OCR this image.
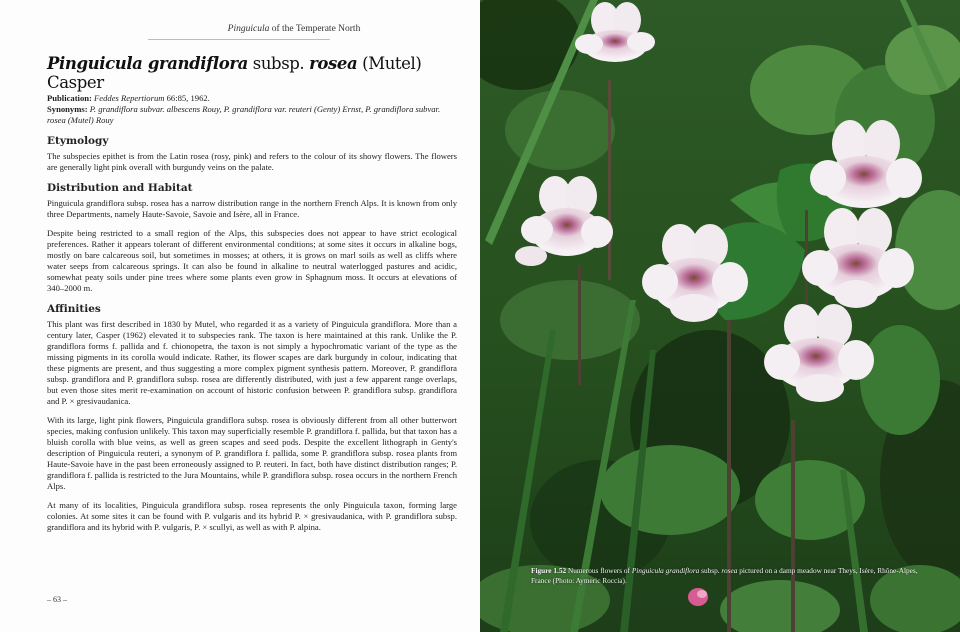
Pinguicula of the Temperate North
Pinguicula grandiflora subsp. rosea (Mutel) Casper

Publication: Feddes Repertiorum 66:85, 1962.

Synonyms: P. grandiflora subvar. albescens Rouy, P. grandiflora var. reuteri (Genty) Ernst, P. grandiflora subvar. rosea (Mutel) Rouy

Etymology

The subspecies epithet is from the Latin rosea (rosy, pink) and refers to the colour of its showy flowers. The flowers are generally light pink overall with burgundy veins on the palate.

Distribution and Habitat

Pinguicula grandiflora subsp. rosea has a narrow distribution range in the northern French Alps. It is known from only three Departments, namely Haute-Savoie, Savoie and Isère, all in France.

Despite being restricted to a small region of the Alps, this subspecies does not appear to have strict ecological preferences. Rather it appears tolerant of different environmental conditions; at some sites it occurs in alkaline bogs, mostly on bare calcareous soil, but sometimes in mosses; at others, it is grows on marl soils as well as cliffs where water seeps from calcareous springs. It can also be found in alkaline to neutral waterlogged pastures and acidic, somewhat peaty soils under pine trees where some plants even grow in Sphagnum moss. It occurs at elevations of 340–2000 m.

Affinities

This plant was first described in 1830 by Mutel, who regarded it as a variety of Pinguicula grandiflora. More than a century later, Casper (1962) elevated it to subspecies rank. The taxon is here maintained at this rank. Unlike the P. grandiflora forms f. pallida and f. chionopetra, the taxon is not simply a hypochromatic variant of the type as the missing pigments in its corolla would indicate. Rather, its flower scapes are dark burgundy in colour, indicating that these pigments are present, and thus suggesting a more complex pigment synthesis pattern. Moreover, P. grandiflora subsp. grandiflora and P. grandiflora subsp. rosea are differently distributed, with just a few apparent range overlaps, but even those sites merit re-examination on account of historic confusion between P. grandiflora subsp. grandiflora and P. × gresivaudanica.

With its large, light pink flowers, Pinguicula grandiflora subsp. rosea is obviously different from all other butterwort species, making confusion unlikely. This taxon may superficially resemble P. grandiflora f. pallida, but that taxon has a bluish corolla with blue veins, as well as green scapes and seed pods. Despite the excellent lithograph in Genty's description of Pinguicula reuteri, a synonym of P. grandiflora f. pallida, some P. grandiflora subsp. rosea plants from Haute-Savoie have in the past been erroneously assigned to P. reuteri. In fact, both have distinct distribution ranges; P. grandiflora f. pallida is restricted to the Jura Mountains, while P. grandiflora subsp. rosea occurs in the northern French Alps.

At many of its localities, Pinguicula grandiflora subsp. rosea represents the only Pinguicula taxon, forming large colonies. At some sites it can be found with P. vulgaris and its hybrid P. × gresivaudanica, with P. grandiflora subsp. grandiflora and its hybrid with P. vulgaris, P. × scullyi, as well as with P. alpina.

– 63 –
Figure 1.52 Numerous flowers of Pinguicula grandiflora subsp. rosea pictured on a damp meadow near Theys, Isère, Rhône-Alpes, France (Photo: Aymeric Roccia).
